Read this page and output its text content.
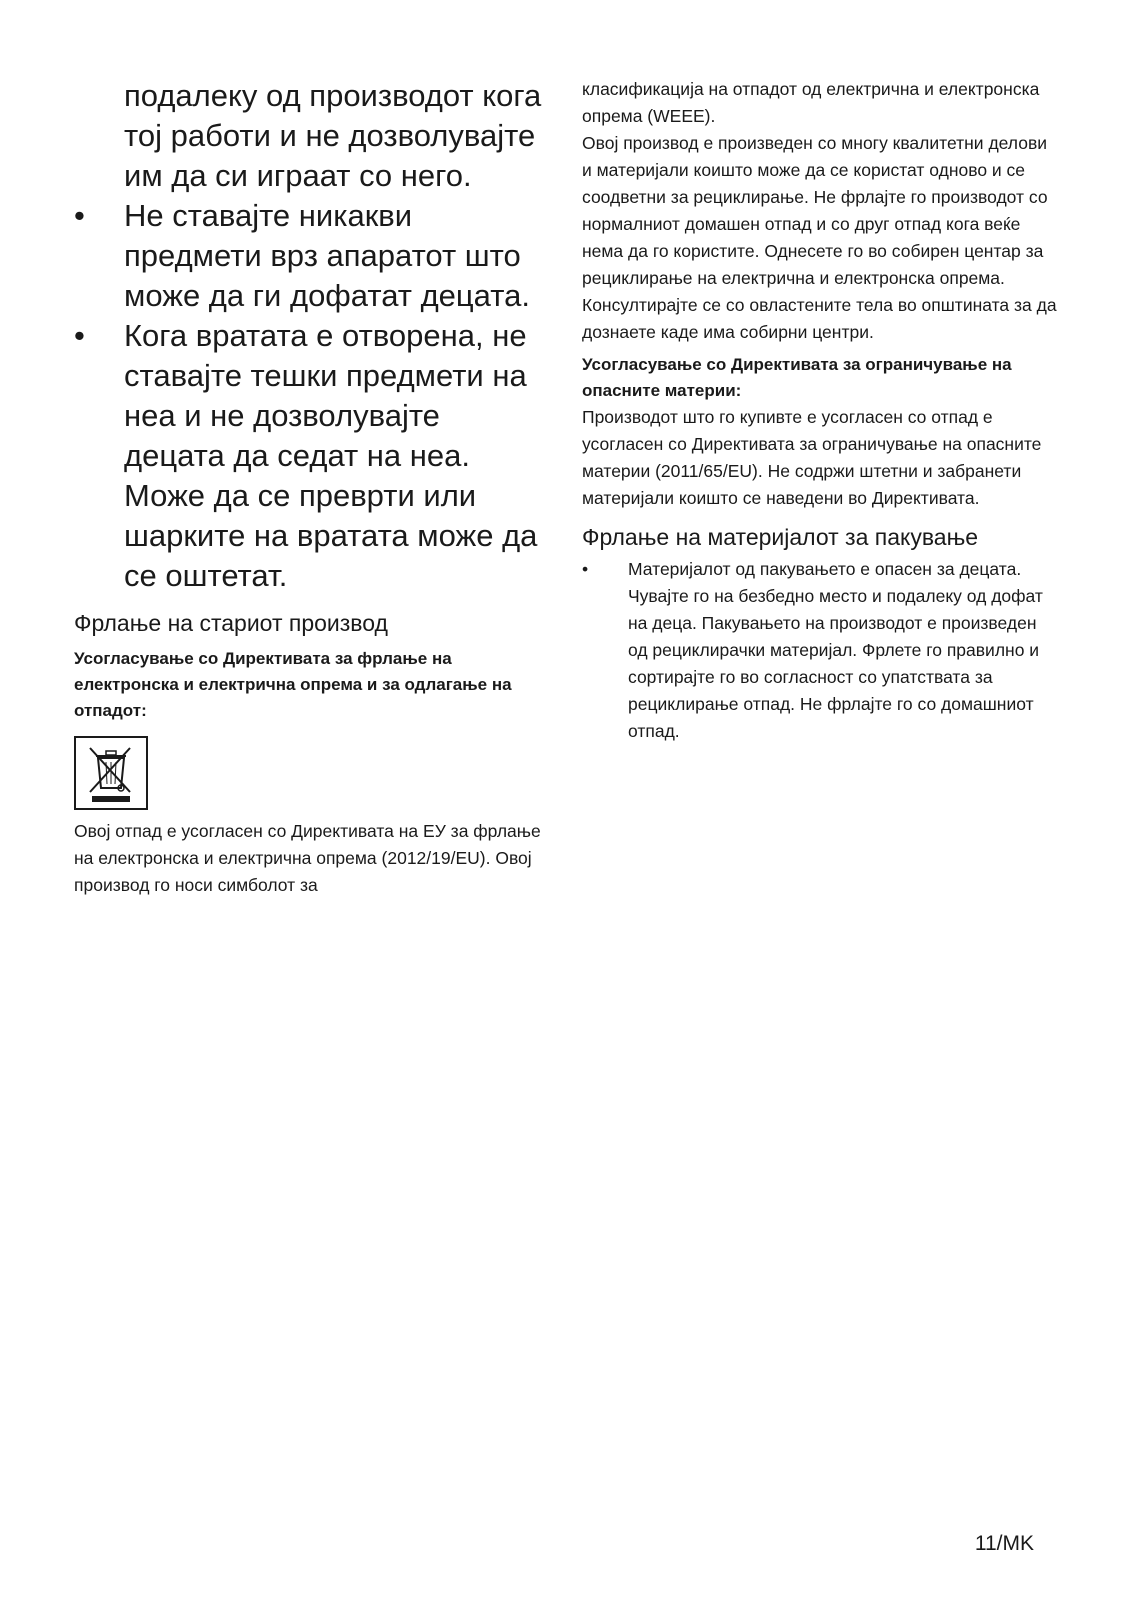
подалеку од производот кога тој работи и не дозволувајте им да си играат со него.

• Не ставајте никакви предмети врз апаратот што може да ги дофатат децата.
• Кога вратата е отворена, не ставајте тешки предмети на неа и не дозволувајте децата да седат на неа. Може да се преврти или шарките на вратата може да се оштетат.
Фрлање на стариот производ

Усогласување со Директивата за фрлање на електронска и електрична опрема и за одлагање на отпадот:

Овој отпад е усогласен со Директивата на ЕУ за фрлање на електронска и електрична опрема (2012/19/EU). Овој производ го носи симболот за

класификација на отпадот од електрична и електронска опрема (WEEE).

Овој производ е произведен со многу квалитетни делови и материјали коишто може да се користат одново и се соодветни за рециклирање. Не фрлајте го производот со нормалниот домашен отпад и со друг отпад кога веќе нема да го користите. Однесете го во собирен центар за рециклирање на електрична и електронска опрема. Консултирајте се со овластените тела во општината за да дознаете каде има собирни центри.

Усогласување со Директивата за ограничување на опасните материи:

Производот што го купивте е усогласен со отпад е усогласен со Директивата за ограничување на опасните материи (2011/65/EU). Не содржи штетни и забранети материјали коишто се наведени во Директивата.

Фрлање на материјалот за пакување
• Материјалот од пакувањето е опасен за децата. Чувајте го на безбедно место и подалеку од дофат на деца. Пакувањето на производот е произведен од рециклирачки материјал. Фрлете го правилно и сортирајте го во согласност со упатствата за рециклирање отпад. Не фрлајте го со домашниот отпад.
11/MK
